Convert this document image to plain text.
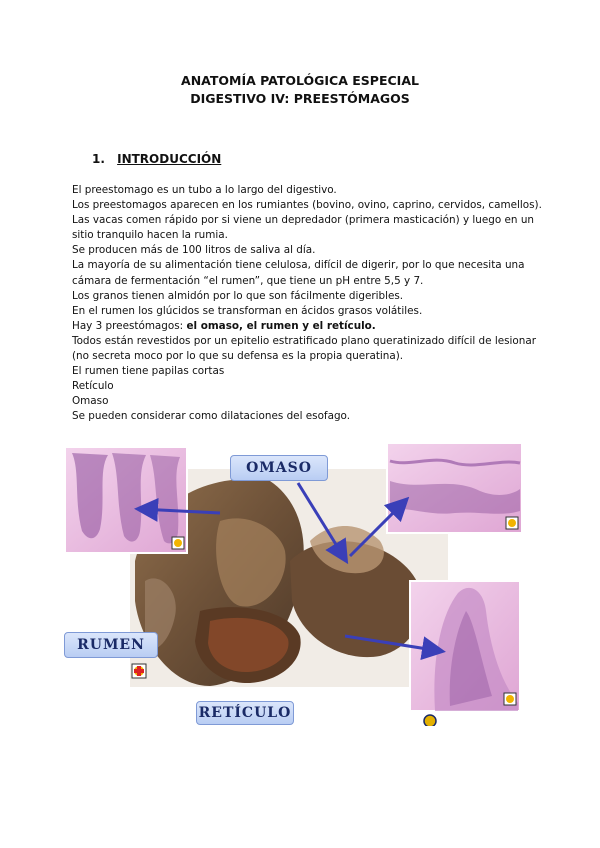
ANATOMÍA PATOLÓGICA ESPECIAL
DIGESTIVO IV: PREESTÓMAGOS
1. INTRODUCCIÓN
El preestomago es un tubo a lo largo del digestivo.
Los preestomagos aparecen en los rumiantes (bovino, ovino, caprino, cervidos, camellos).
Las vacas comen rápido por si viene un depredador (primera masticación) y luego en un
sitio tranquilo hacen la rumia.
Se producen más de 100 litros de saliva al día.
La mayoría de su alimentación tiene celulosa, difícil de digerir, por lo que necesita una
cámara de fermentación “el rumen”, que tiene un pH entre 5,5 y 7.
Los granos tienen almidón por lo que son fácilmente digeribles.
En el rumen los glúcidos se transforman en ácidos grasos volátiles.
Hay 3 preestómagos: el omaso, el rumen y el retículo.
Todos están revestidos por un epitelio estratificado plano queratinizado difícil de lesionar
(no secreta moco por lo que su defensa es la propia queratina).
El rumen tiene papilas cortas
Retículo
Omaso
Se pueden considerar como dilataciones del esofago.
OMASO
RUMEN
RETÍCULO
